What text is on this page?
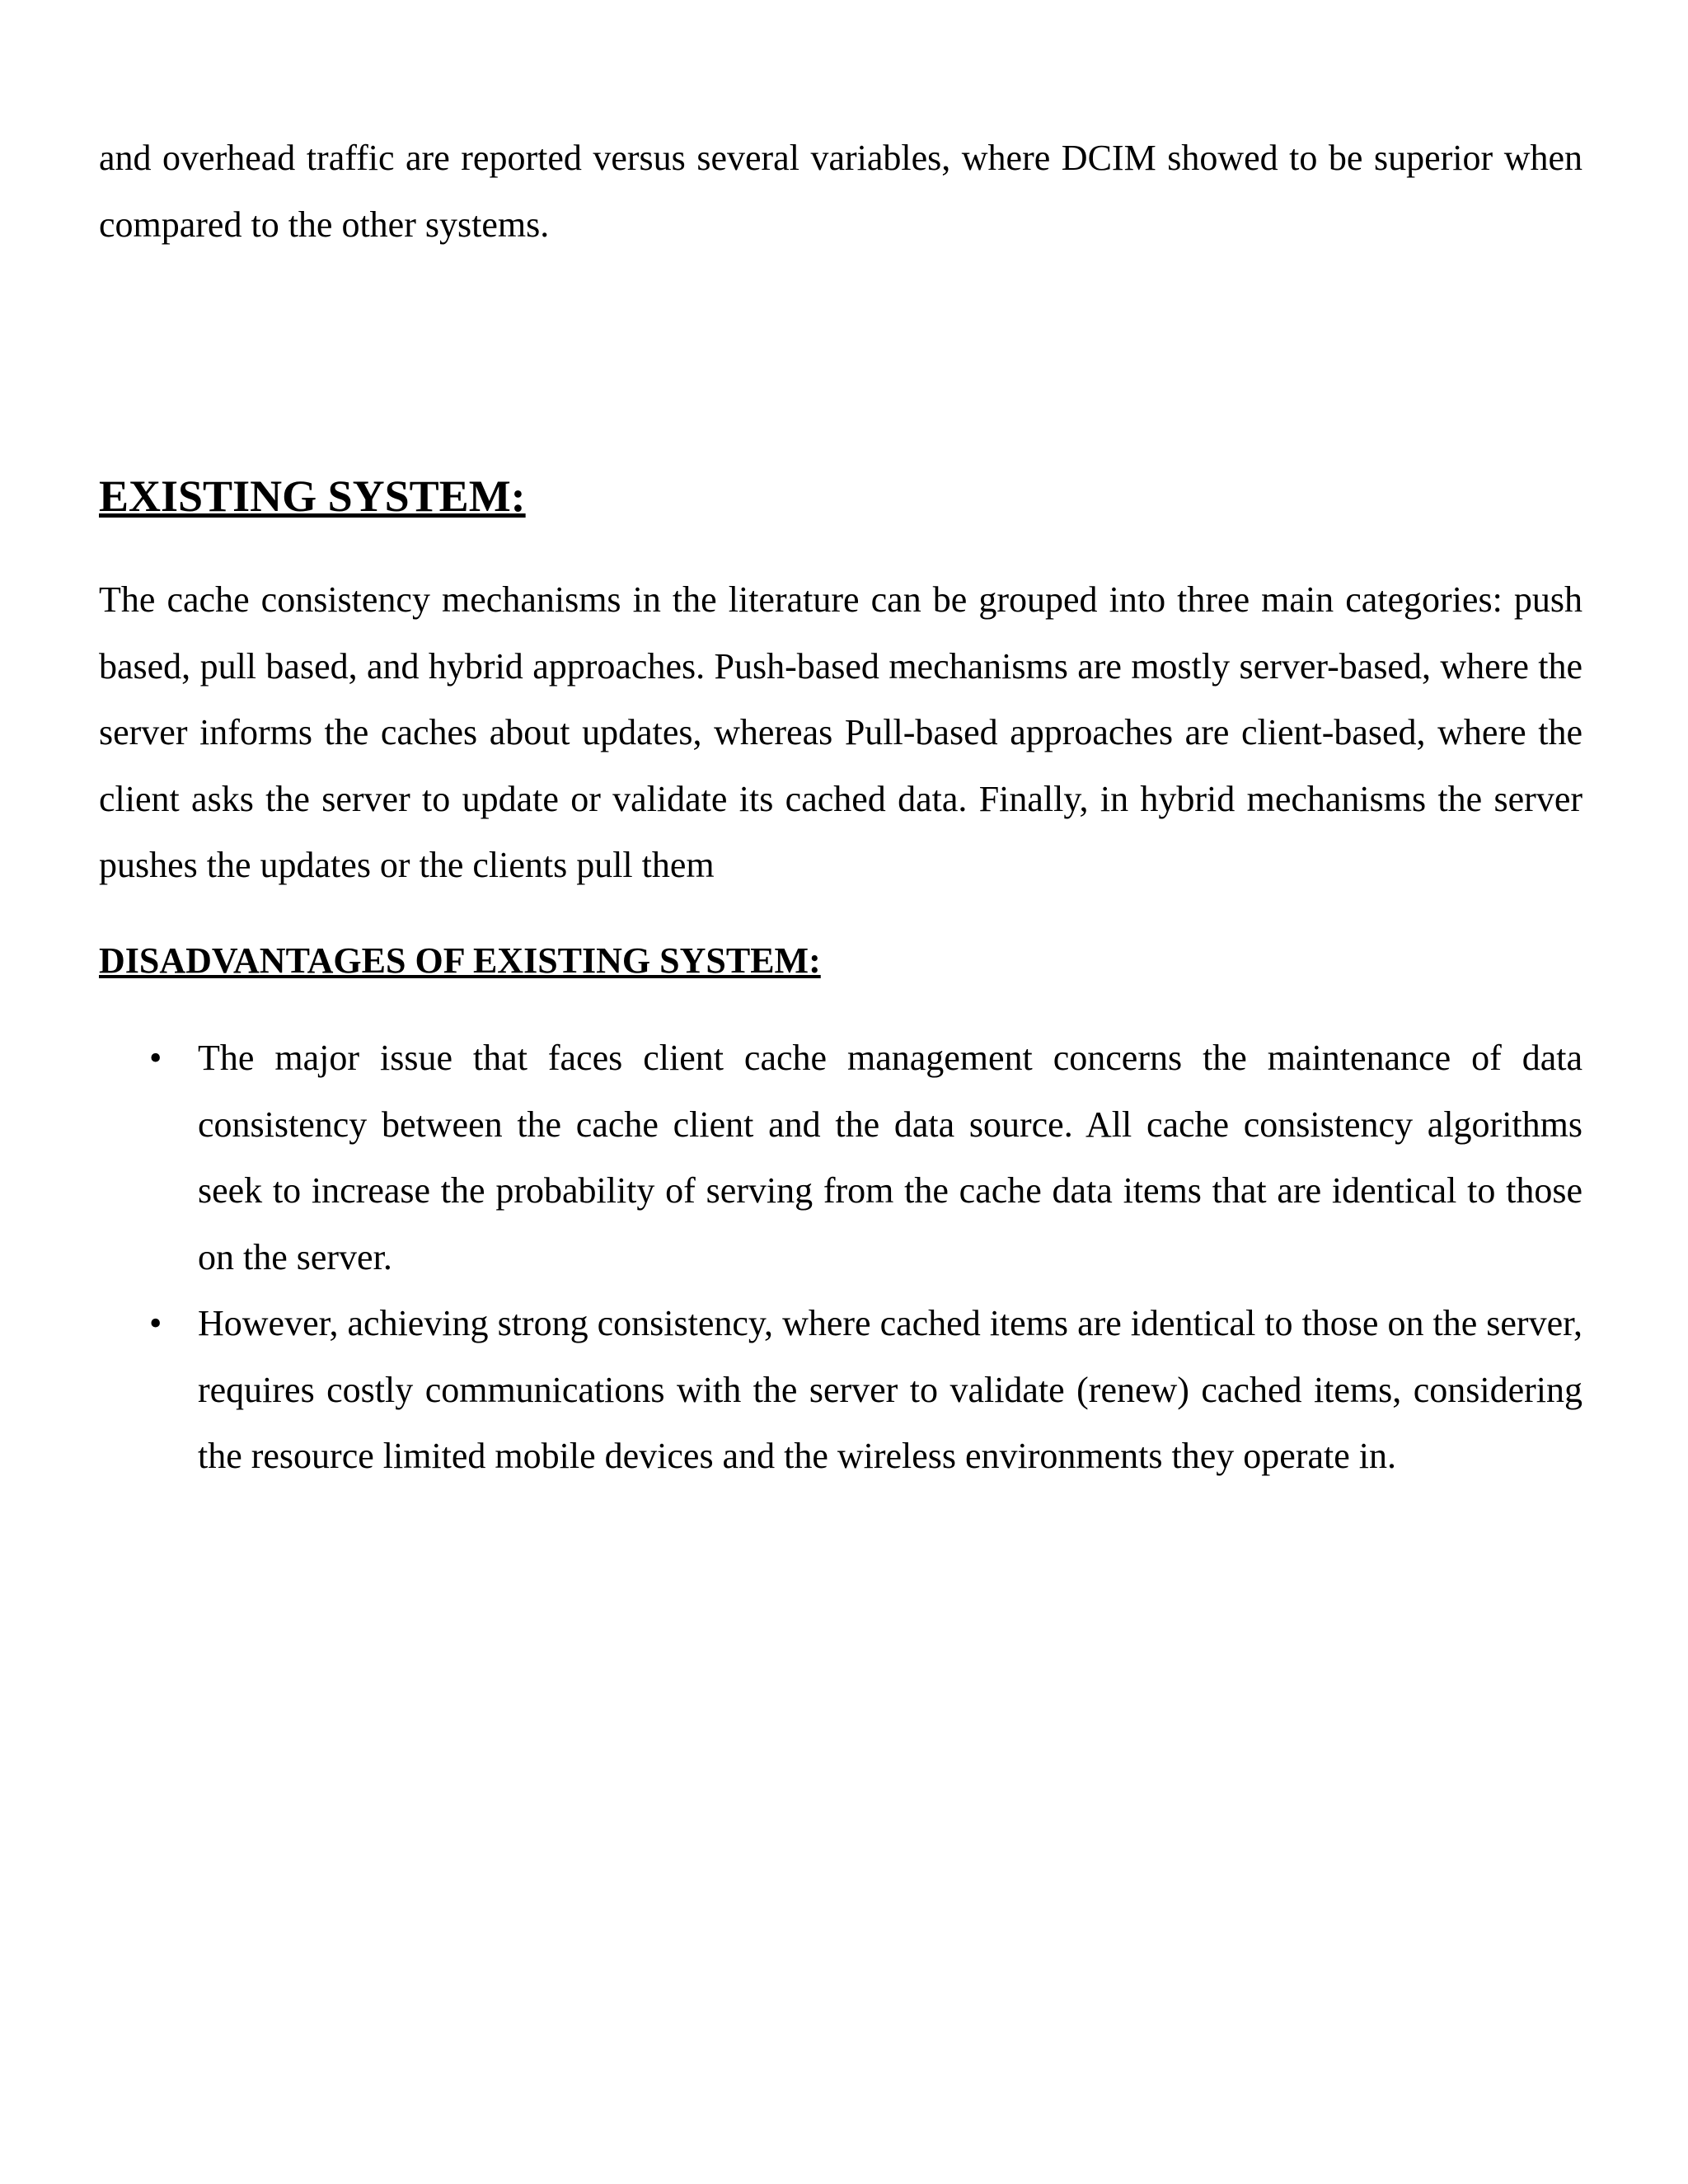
and overhead traffic are reported versus several variables, where DCIM showed to be superior when compared to the other systems.

EXISTING SYSTEM:

The cache consistency mechanisms in the literature can be grouped into three main categories: push based, pull based, and hybrid approaches. Push-based mechanisms are mostly server-based, where the server informs the caches about updates, whereas Pull-based approaches are client-based, where the client asks the server to update or validate its cached data. Finally, in hybrid mechanisms the server pushes the updates or the clients pull them

DISADVANTAGES OF EXISTING SYSTEM:
• The major issue that faces client cache management concerns the maintenance of data consistency between the cache client and the data source. All cache consistency algorithms seek to increase the probability of serving from the cache data items that are identical to those on the server.
• However, achieving strong consistency, where cached items are identical to those on the server, requires costly communications with the server to validate (renew) cached items, considering the resource limited mobile devices and the wireless environments they operate in.
